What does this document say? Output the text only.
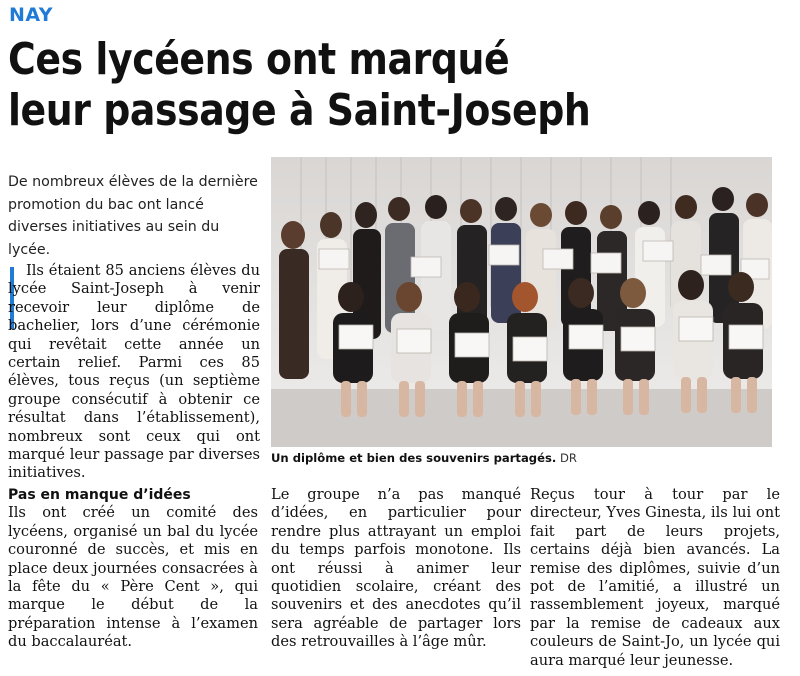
NAY
Ces lycéens ont marqué
leur passage à Saint-Joseph

De nombreux élèves de la dernière promotion du bac ont lancé diverses initiatives au sein du lycée.

Ils étaient 85 anciens élèves du lycée Saint-Joseph à venir recevoir leur diplôme de bachelier, lors d’une cérémonie qui revêtait cette année un certain relief. Parmi ces 85 élèves, tous reçus (un septième groupe consécutif à obtenir ce résultat dans l’établissement), nombreux sont ceux qui ont marqué leur passage par diverses initiatives.

Un diplôme et bien des souvenirs partagés. DR

Pas en manque d’idées

Ils ont créé un comité des lycéens, organisé un bal du lycée couronné de succès, et mis en place deux journées consacrées à la fête du « Père Cent », qui marque le début de la préparation intense à l’examen du baccalauréat.

Le groupe n’a pas manqué d’idées, en particulier pour rendre plus attrayant un emploi du temps parfois monotone. Ils ont réussi à animer leur quotidien scolaire, créant des souvenirs et des anecdotes qu’il sera agréable de partager lors des retrouvailles à l’âge mûr.

Reçus tour à tour par le directeur, Yves Ginesta, ils lui ont fait part de leurs projets, certains déjà bien avancés. La remise des diplômes, suivie d’un pot de l’amitié, a illustré un rassemblement joyeux, marqué par la remise de cadeaux aux couleurs de Saint-Jo, un lycée qui aura marqué leur jeunesse.
